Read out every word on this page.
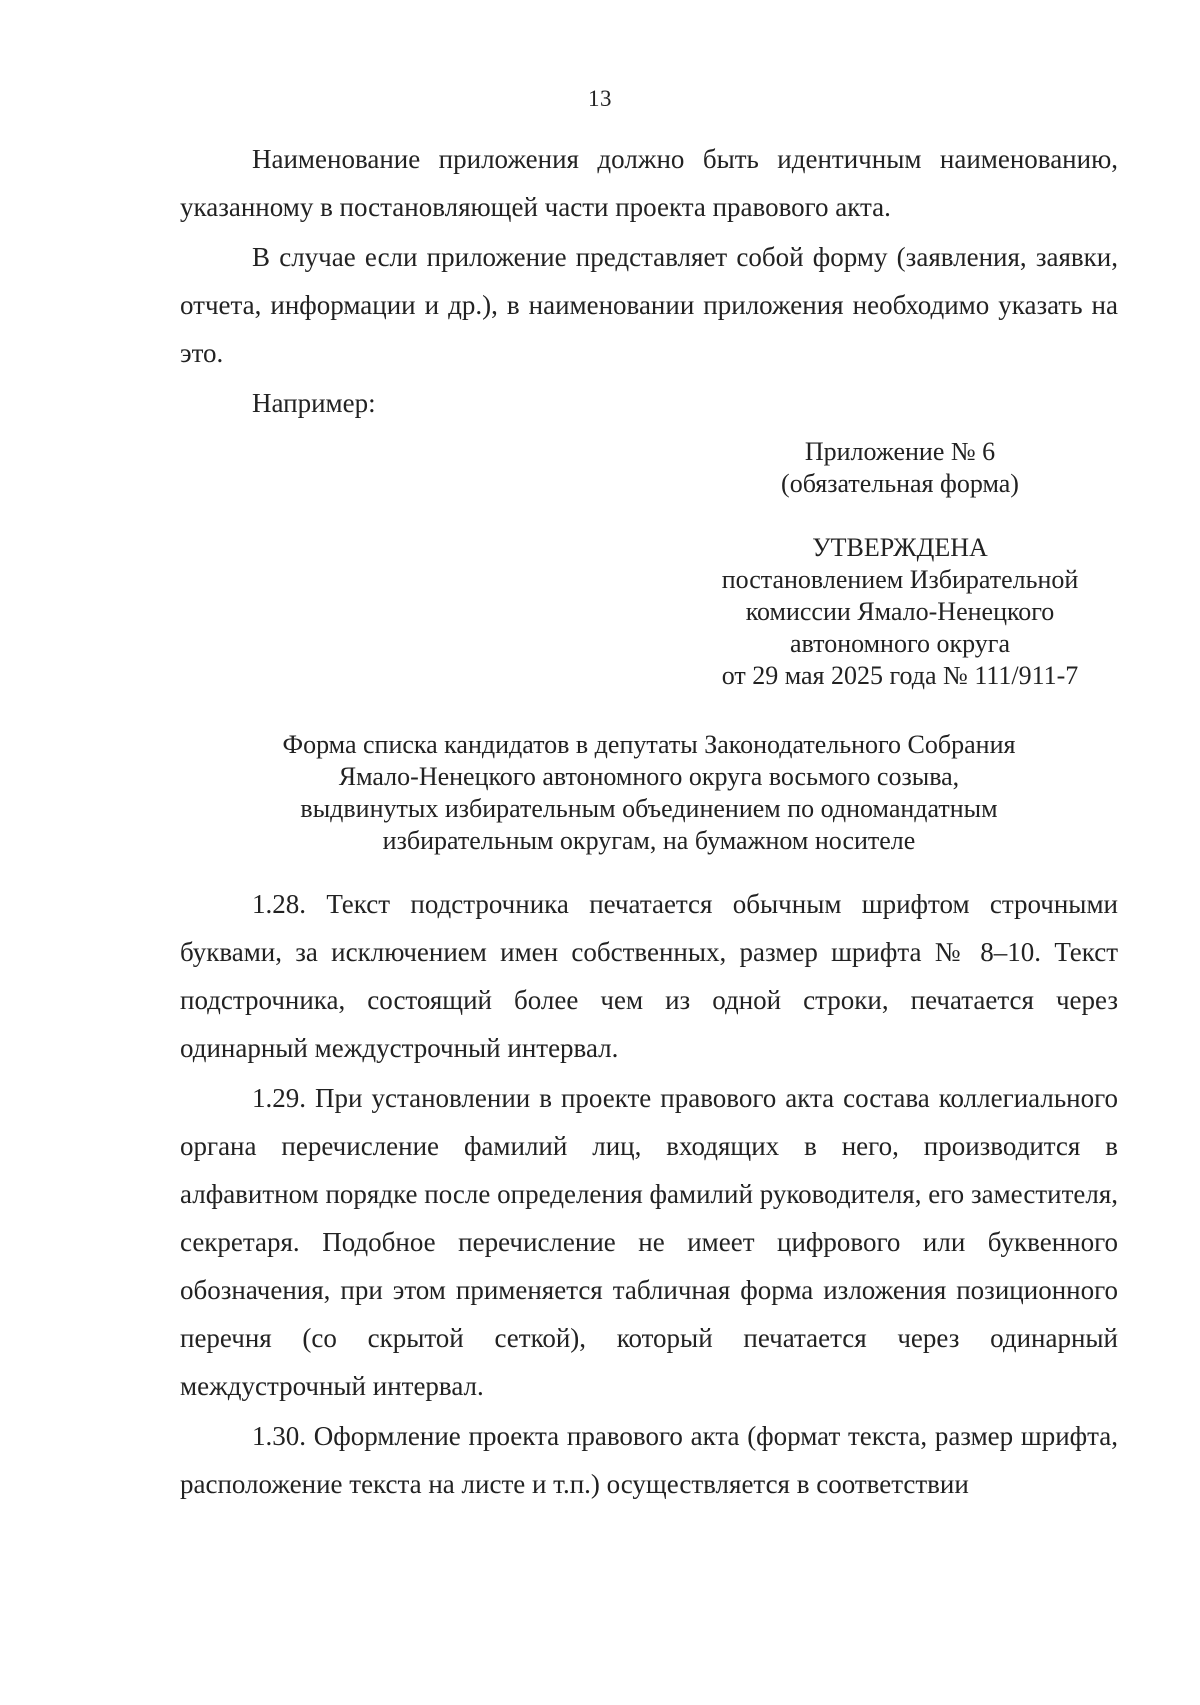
13

Наименование приложения должно быть идентичным наименованию, указанному в постановляющей части проекта правового акта.

В случае если приложение представляет собой форму (заявления, заявки, отчета, информации и др.), в наименовании приложения необходимо указать на это.

Например:

Приложение № 6
(обязательная форма)
УТВЕРЖДЕНА
постановлением Избирательной
комиссии Ямало-Ненецкого
автономного округа
от 29 мая 2025 года № 111/911-7
Форма списка кандидатов в депутаты Законодательного Собрания
Ямало-Ненецкого автономного округа восьмого созыва,
выдвинутых избирательным объединением по одномандатным
избирательным округам, на бумажном носителе

1.28. Текст подстрочника печатается обычным шрифтом строчными буквами, за исключением имен собственных, размер шрифта № 8–10. Текст подстрочника, состоящий более чем из одной строки, печатается через одинарный междустрочный интервал.

1.29. При установлении в проекте правового акта состава коллегиального органа перечисление фамилий лиц, входящих в него, производится в алфавитном порядке после определения фамилий руководителя, его заместителя, секретаря. Подобное перечисление не имеет цифрового или буквенного обозначения, при этом применяется табличная форма изложения позиционного перечня (со скрытой сеткой), который печатается через одинарный междустрочный интервал.

1.30. Оформление проекта правового акта (формат текста, размер шрифта, расположение текста на листе и т.п.) осуществляется в соответствии
